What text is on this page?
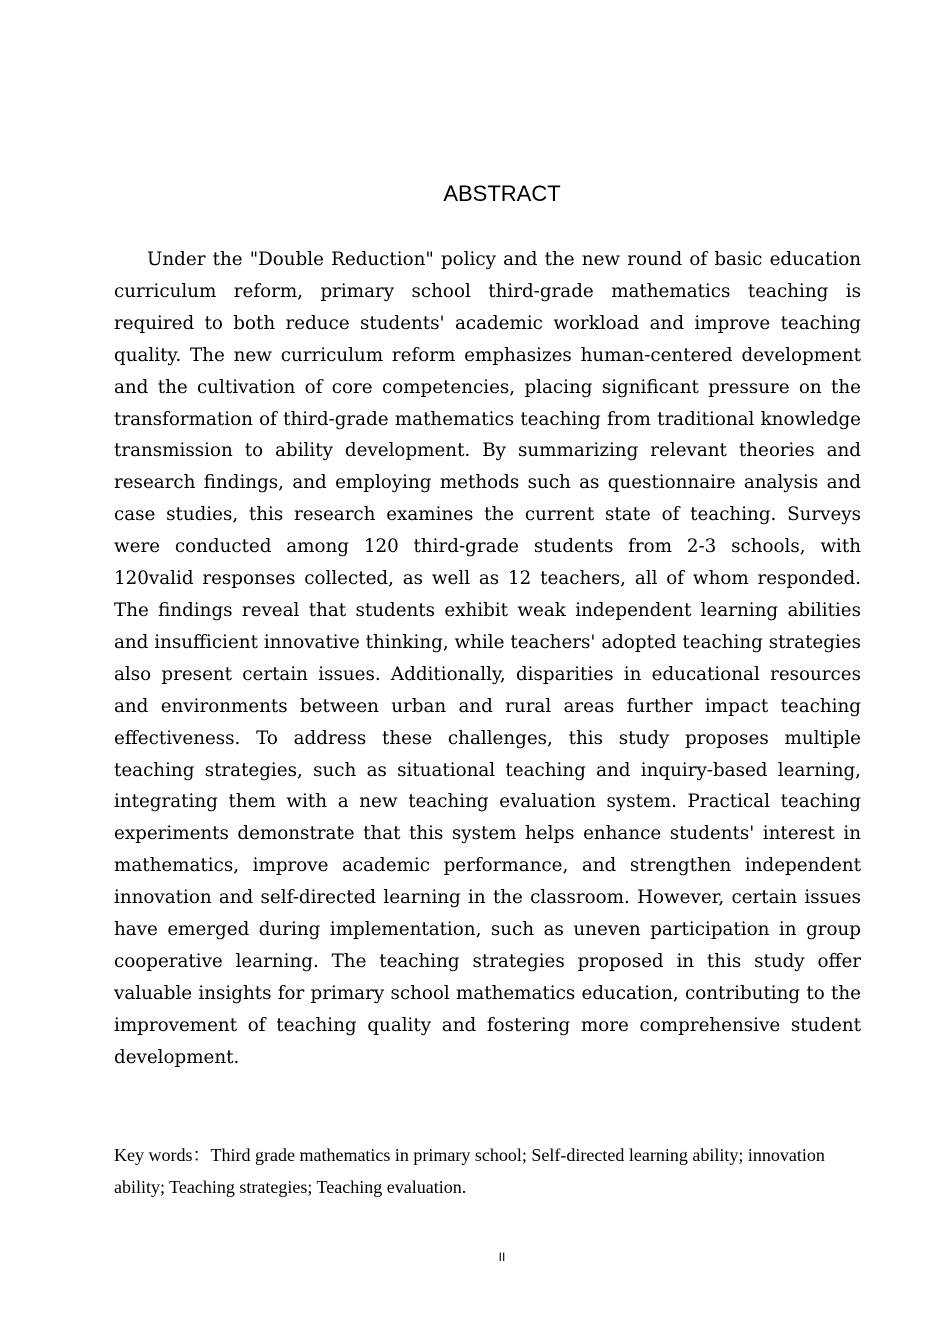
ABSTRACT

Under the "Double Reduction" policy and the new round of basic education curriculum reform, primary school third-grade mathematics teaching is required to both reduce students' academic workload and improve teaching quality. The new curriculum reform emphasizes human-centered development and the cultivation of core competencies, placing significant pressure on the transformation of third-grade mathematics teaching from traditional knowledge transmission to ability development. By summarizing relevant theories and research findings, and employing methods such as questionnaire analysis and case studies, this research examines the current state of teaching. Surveys were conducted among 120 third-grade students from 2-3 schools, with 120valid responses collected, as well as 12 teachers, all of whom responded. The findings reveal that students exhibit weak independent learning abilities and insufficient innovative thinking, while teachers' adopted teaching strategies also present certain issues. Additionally, disparities in educational resources and environments between urban and rural areas further impact teaching effectiveness. To address these challenges, this study proposes multiple teaching strategies, such as situational teaching and inquiry-based learning, integrating them with a new teaching evaluation system. Practical teaching experiments demonstrate that this system helps enhance students' interest in mathematics, improve academic performance, and strengthen independent innovation and self-directed learning in the classroom. However, certain issues have emerged during implementation, such as uneven participation in group cooperative learning. The teaching strategies proposed in this study offer valuable insights for primary school mathematics education, contributing to the improvement of teaching quality and fostering more comprehensive student development.

Key words：Third grade mathematics in primary school; Self-directed learning ability; innovation ability; Teaching strategies; Teaching evaluation.

II
